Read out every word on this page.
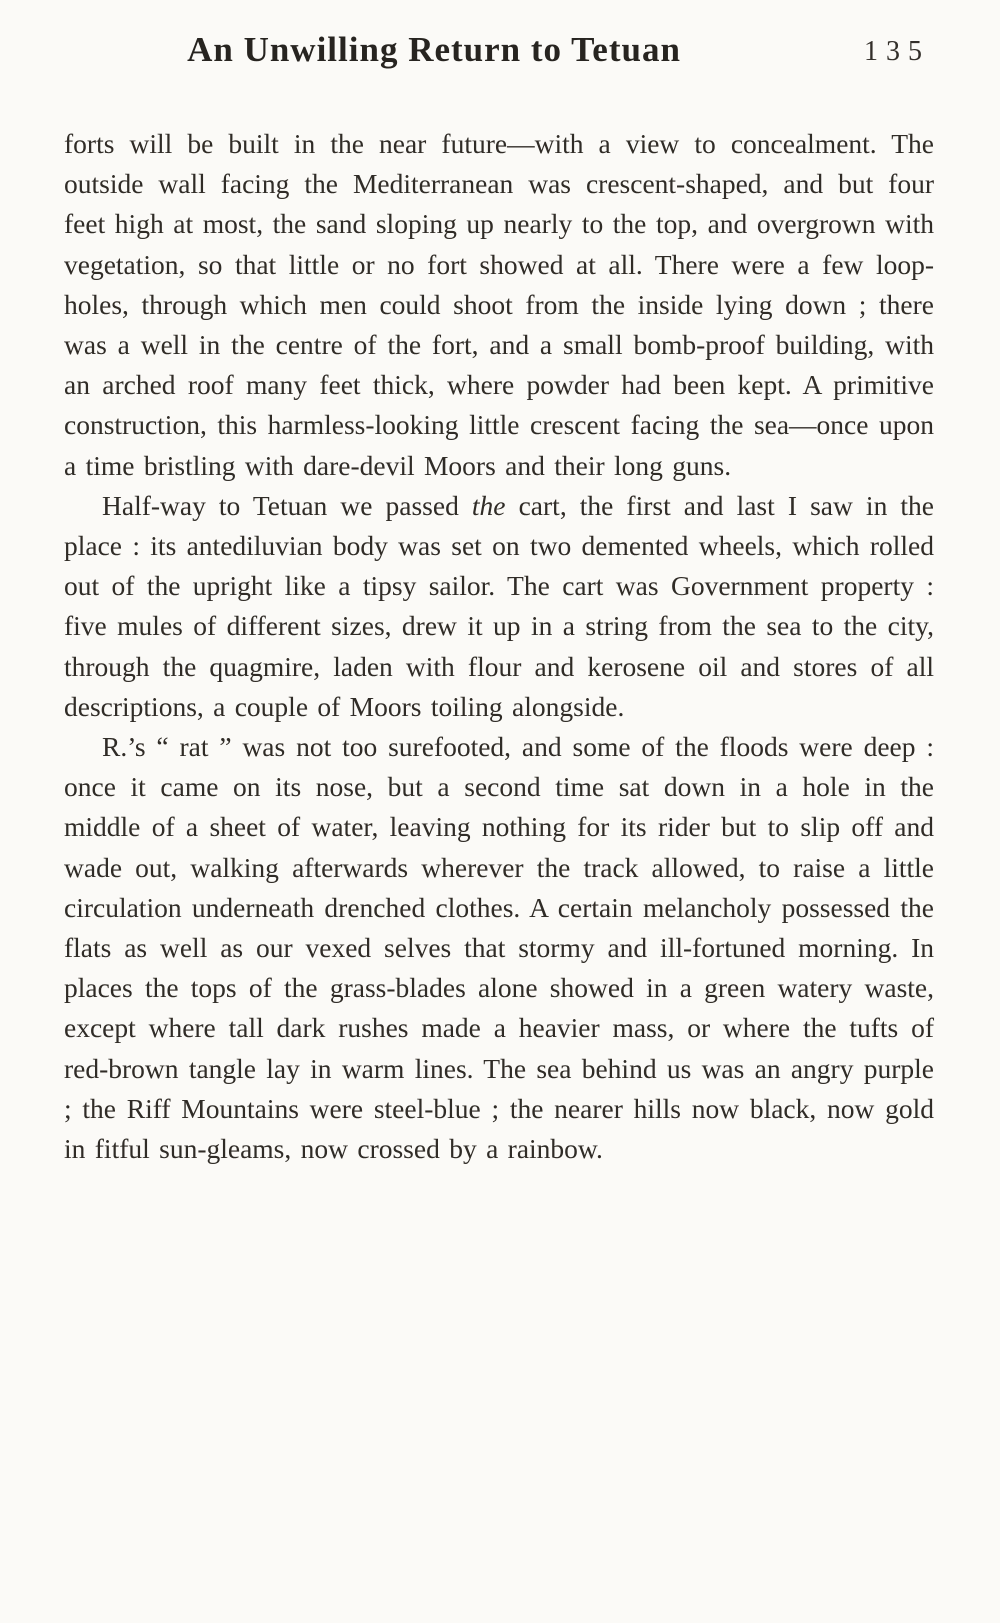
An Unwilling Return to Tetuan	135

forts will be built in the near future—with a view to concealment. The outside wall facing the Mediterranean was crescent-shaped, and but four feet high at most, the sand sloping up nearly to the top, and overgrown with vegetation, so that little or no fort showed at all. There were a few loop-holes, through which men could shoot from the inside lying down ; there was a well in the centre of the fort, and a small bomb-proof building, with an arched roof many feet thick, where powder had been kept. A primitive construction, this harmless-looking little crescent facing the sea—once upon a time bristling with dare-devil Moors and their long guns.

Half-way to Tetuan we passed the cart, the first and last I saw in the place : its antediluvian body was set on two demented wheels, which rolled out of the upright like a tipsy sailor. The cart was Government property : five mules of different sizes, drew it up in a string from the sea to the city, through the quagmire, laden with flour and kerosene oil and stores of all descriptions, a couple of Moors toiling alongside.

R.’s “ rat ” was not too surefooted, and some of the floods were deep : once it came on its nose, but a second time sat down in a hole in the middle of a sheet of water, leaving nothing for its rider but to slip off and wade out, walking afterwards wherever the track allowed, to raise a little circulation underneath drenched clothes. A certain melancholy possessed the flats as well as our vexed selves that stormy and ill-fortuned morning. In places the tops of the grass-blades alone showed in a green watery waste, except where tall dark rushes made a heavier mass, or where the tufts of red-brown tangle lay in warm lines. The sea behind us was an angry purple ; the Riff Mountains were steel-blue ; the nearer hills now black, now gold in fitful sun-gleams, now crossed by a rainbow.
